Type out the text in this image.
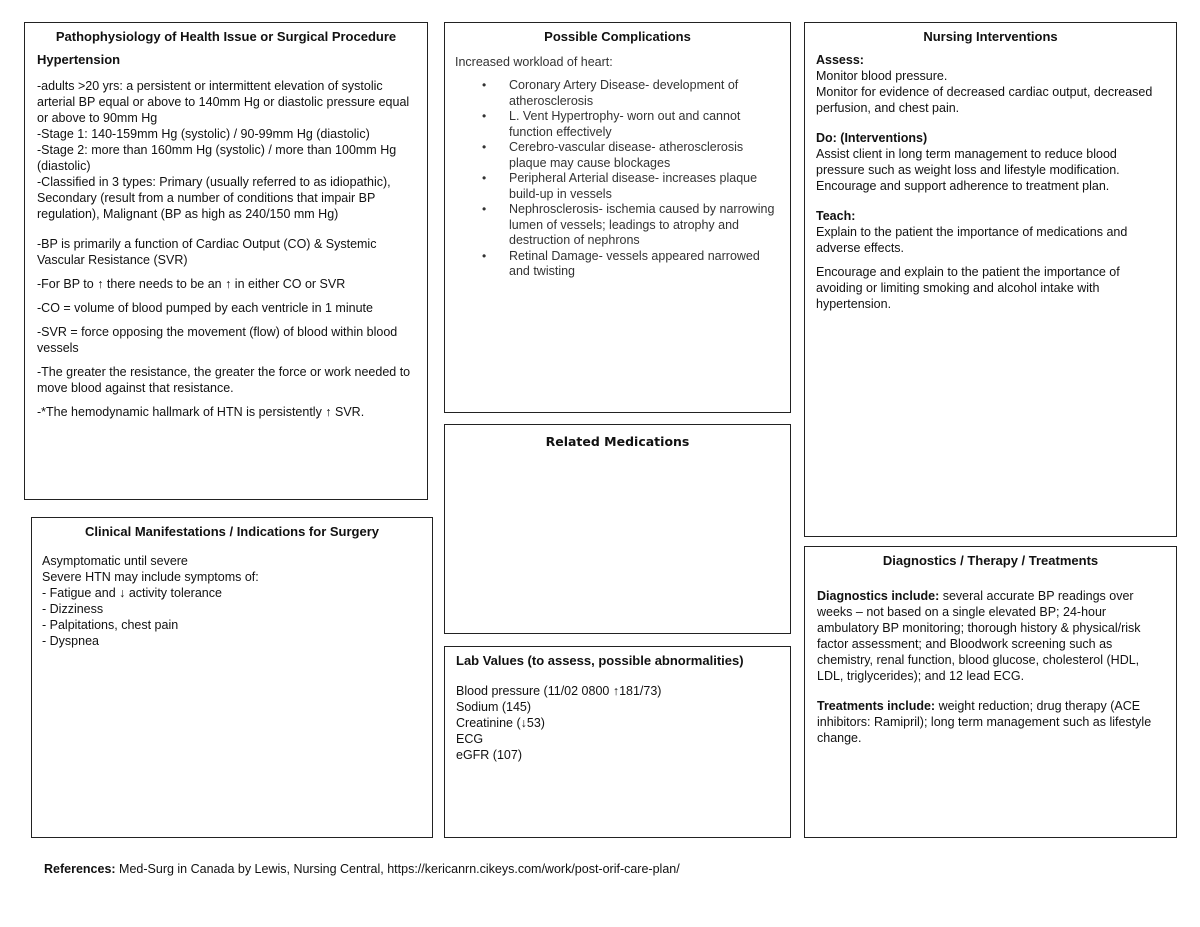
Pathophysiology of Health Issue or Surgical Procedure

Hypertension

-adults >20 yrs: a persistent or intermittent elevation of systolic arterial BP equal or above to 140mm Hg or diastolic pressure equal or above to 90mm Hg

-Stage 1: 140-159mm Hg (systolic) / 90-99mm Hg (diastolic)

-Stage 2: more than 160mm Hg (systolic) / more than 100mm Hg (diastolic)

-Classified in 3 types: Primary (usually referred to as idiopathic), Secondary (result from a number of conditions that impair BP regulation), Malignant (BP as high as 240/150 mm Hg)

-BP is primarily a function of Cardiac Output (CO) & Systemic Vascular Resistance (SVR)

-For BP to ↑ there needs to be an ↑ in either CO or SVR

-CO = volume of blood pumped by each ventricle in 1 minute

-SVR = force opposing the movement (flow) of blood within blood vessels

-The greater the resistance, the greater the force or work needed to move blood against that resistance.

-*The hemodynamic hallmark of HTN is persistently ↑ SVR.

Clinical Manifestations / Indications for Surgery

Asymptomatic until severe

Severe HTN may include symptoms of:

- Fatigue and ↓ activity tolerance

- Dizziness

- Palpitations, chest pain

- Dyspnea

Possible Complications

Increased workload of heart:

• Coronary Artery Disease- development of atherosclerosis
• L. Vent Hypertrophy- worn out and cannot function effectively
• Cerebro-vascular disease- atherosclerosis plaque may cause blockages
• Peripheral Arterial disease- increases plaque build-up in vessels
• Nephrosclerosis- ischemia caused by narrowing lumen of vessels; leadings to atrophy and destruction of nephrons
• Retinal Damage- vessels appeared narrowed and twisting
Related Medications
Lab Values (to assess, possible abnormalities)

Blood pressure (11/02 0800 ↑181/73)

Sodium (145)

Creatinine (↓53)

ECG

eGFR (107)

Nursing Interventions

Assess:

Monitor blood pressure.

Monitor for evidence of decreased cardiac output, decreased perfusion, and chest pain.

Do: (Interventions)

Assist client in long term management to reduce blood pressure such as weight loss and lifestyle modification.

Encourage and support adherence to treatment plan.

Teach:

Explain to the patient the importance of medications and adverse effects.

Encourage and explain to the patient the importance of avoiding or limiting smoking and alcohol intake with hypertension.

Diagnostics / Therapy / Treatments

Diagnostics include: several accurate BP readings over weeks – not based on a single elevated BP; 24-hour ambulatory BP monitoring; thorough history & physical/risk factor assessment; and Bloodwork screening such as chemistry, renal function, blood glucose, cholesterol (HDL, LDL, triglycerides); and 12 lead ECG.

Treatments include: weight reduction; drug therapy (ACE inhibitors: Ramipril); long term management such as lifestyle change.

References: Med-Surg in Canada by Lewis, Nursing Central, https://kericanrn.cikeys.com/work/post-orif-care-plan/
